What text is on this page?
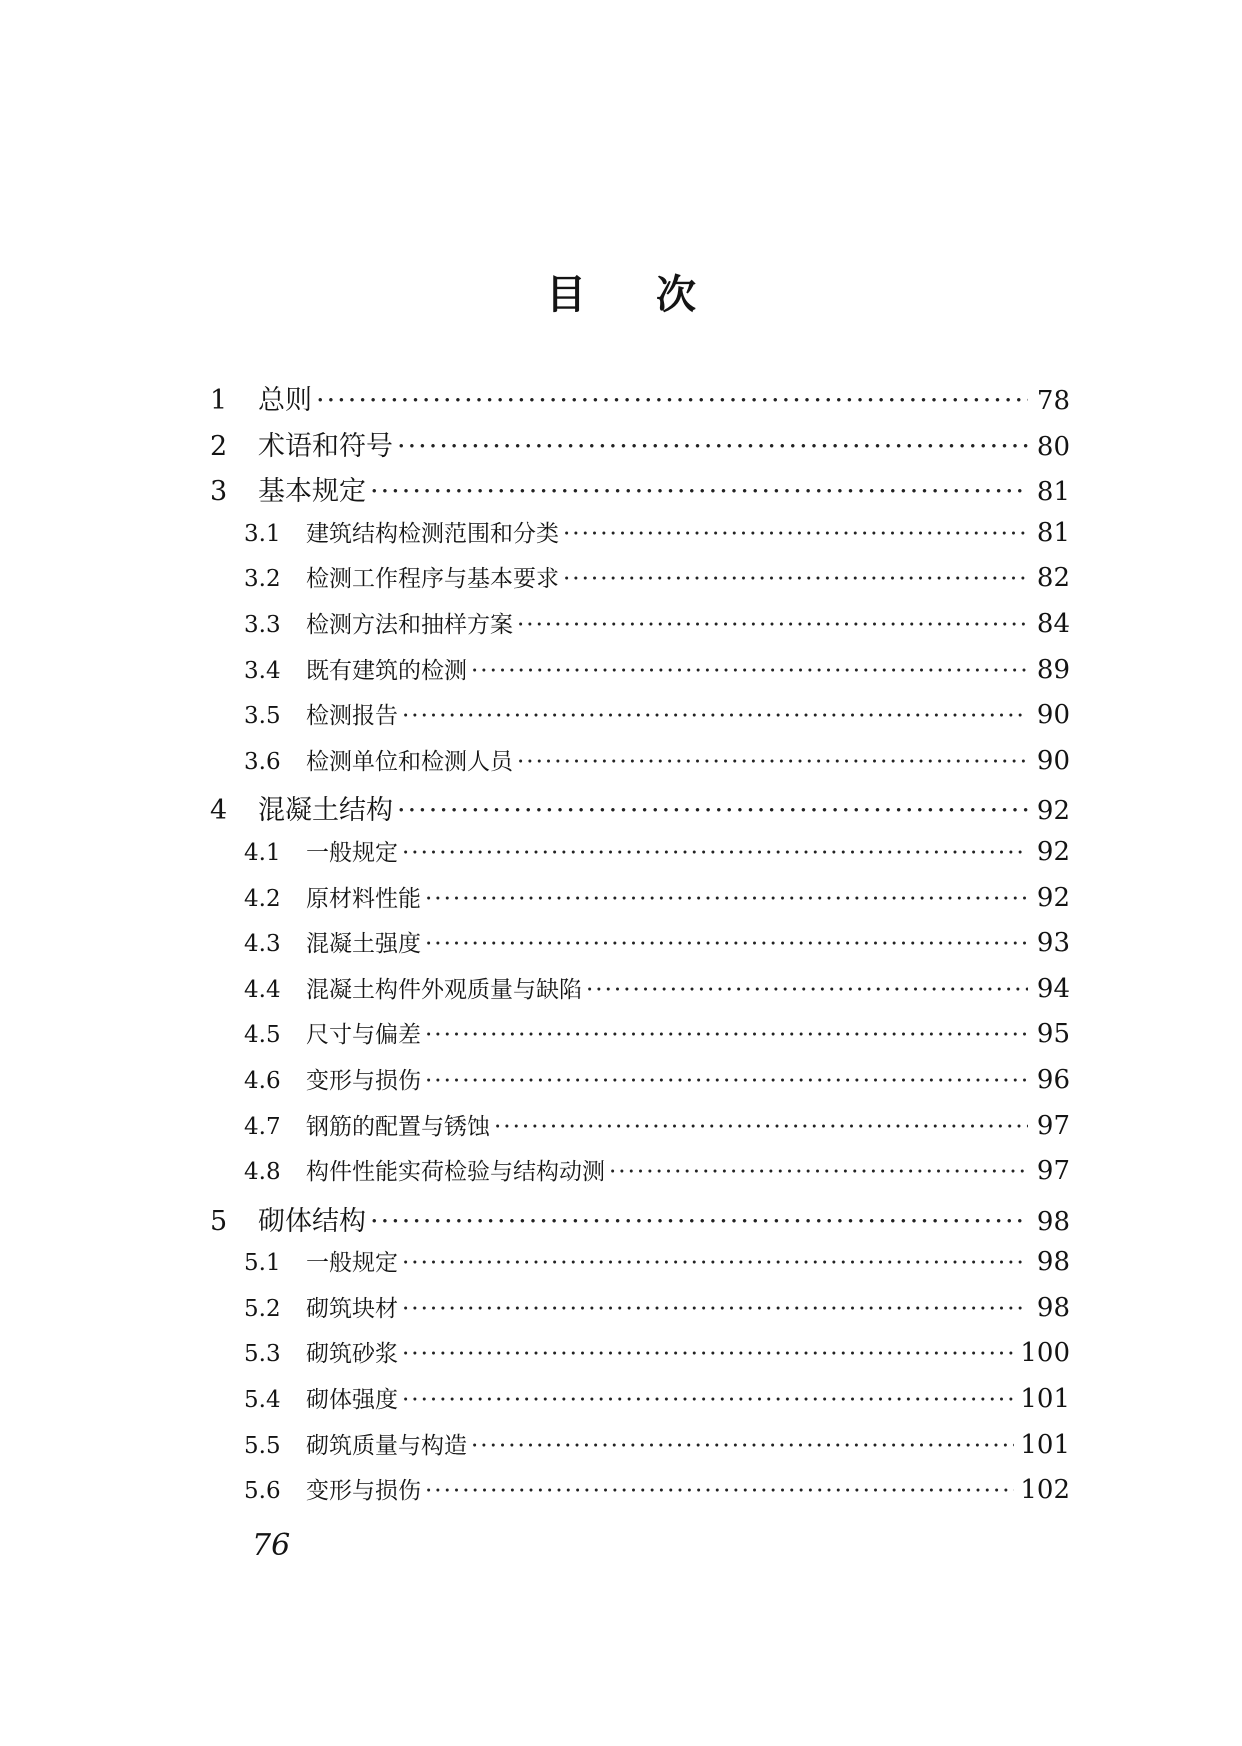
目次
1	总则 ·····	78
2	术语和符号 ·····	80
3	基本规定 ·····	81
3.1	建筑结构检测范围和分类 ·····	81
3.2	检测工作程序与基本要求 ·····	82
3.3	检测方法和抽样方案 ·····	84
3.4	既有建筑的检测 ·····	89
3.5	检测报告 ·····	90
3.6	检测单位和检测人员 ·····	90
4	混凝土结构 ·····	92
4.1	一般规定 ·····	92
4.2	原材料性能 ·····	92
4.3	混凝土强度 ·····	93
4.4	混凝土构件外观质量与缺陷 ·····	94
4.5	尺寸与偏差 ·····	95
4.6	变形与损伤 ·····	96
4.7	钢筋的配置与锈蚀 ·····	97
4.8	构件性能实荷检验与结构动测 ·····	97
5	砌体结构 ·····	98
5.1	一般规定 ·····	98
5.2	砌筑块材 ·····	98
5.3	砌筑砂浆 ·····	100
5.4	砌体强度 ·····	101
5.5	砌筑质量与构造 ·····	101
5.6	变形与损伤 ·····	102
76
